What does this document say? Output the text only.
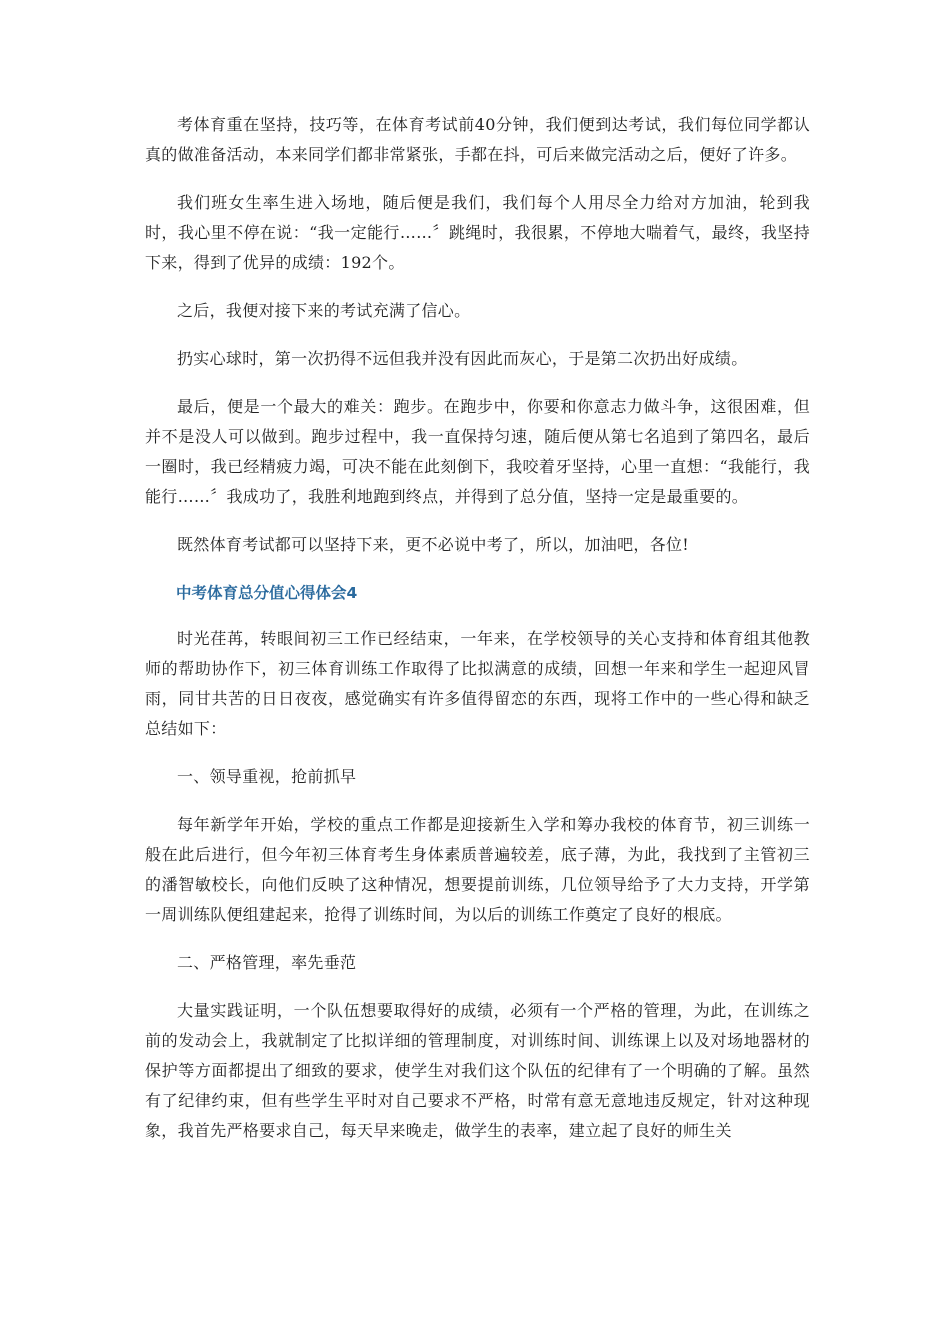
考体育重在坚持，技巧等，在体育考试前40分钟，我们便到达考试，我们每位同学都认真的做准备活动，本来同学们都非常紧张，手都在抖，可后来做完活动之后，便好了许多。

我们班女生率生进入场地，随后便是我们，我们每个人用尽全力给对方加油，轮到我时，我心里不停在说：“我一定能行……〞跳绳时，我很累，不停地大喘着气，最终，我坚持下来，得到了优异的成绩：192个。

之后，我便对接下来的考试充满了信心。

扔实心球时，第一次扔得不远但我并没有因此而灰心，于是第二次扔出好成绩。

最后，便是一个最大的难关：跑步。在跑步中，你要和你意志力做斗争，这很困难，但并不是没人可以做到。跑步过程中，我一直保持匀速，随后便从第七名追到了第四名，最后一圈时，我已经精疲力竭，可决不能在此刻倒下，我咬着牙坚持，心里一直想：“我能行，我能行……〞我成功了，我胜利地跑到终点，并得到了总分值，坚持一定是最重要的。

既然体育考试都可以坚持下来，更不必说中考了，所以，加油吧，各位!

中考体育总分值心得体会4

时光荏苒，转眼间初三工作已经结束，一年来，在学校领导的关心支持和体育组其他教师的帮助协作下，初三体育训练工作取得了比拟满意的成绩，回想一年来和学生一起迎风冒雨，同甘共苦的日日夜夜，感觉确实有许多值得留恋的东西，现将工作中的一些心得和缺乏总结如下：

一、领导重视，抢前抓早

每年新学年开始，学校的重点工作都是迎接新生入学和筹办我校的体育节，初三训练一般在此后进行，但今年初三体育考生身体素质普遍较差，底子薄，为此，我找到了主管初三的潘智敏校长，向他们反映了这种情况，想要提前训练，几位领导给予了大力支持，开学第一周训练队便组建起来，抢得了训练时间，为以后的训练工作奠定了良好的根底。

二、严格管理，率先垂范

大量实践证明，一个队伍想要取得好的成绩，必须有一个严格的管理，为此，在训练之前的发动会上，我就制定了比拟详细的管理制度，对训练时间、训练课上以及对场地器材的保护等方面都提出了细致的要求，使学生对我们这个队伍的纪律有了一个明确的了解。虽然有了纪律约束，但有些学生平时对自己要求不严格，时常有意无意地违反规定，针对这种现象，我首先严格要求自己，每天早来晚走，做学生的表率，建立起了良好的师生关
